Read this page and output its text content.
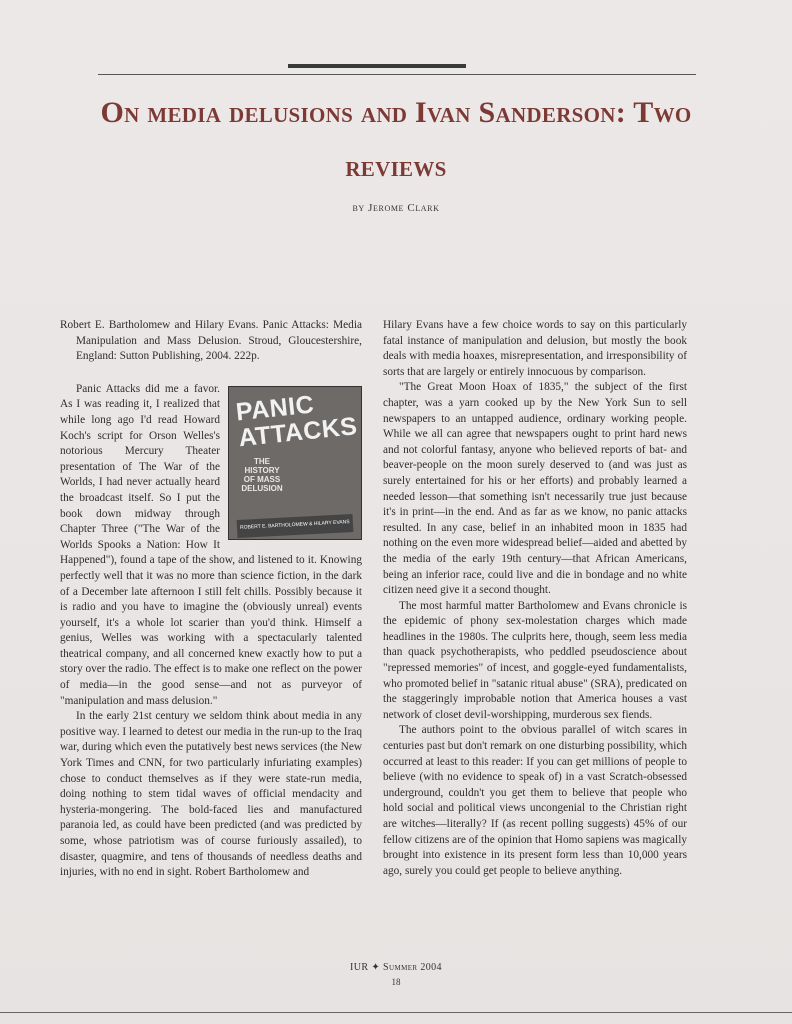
On media delusions and Ivan Sanderson: Two reviews
by Jerome Clark

Robert E. Bartholomew and Hilary Evans. Panic Attacks: Media Manipulation and Mass Delusion. Stroud, Gloucestershire, England: Sutton Publishing, 2004. 222p.

PANIC ATTACKS
THE HISTORY OF MASS DELUSION
ROBERT E. BARTHOLOMEW & HILARY EVANS

Panic Attacks did me a favor. As I was reading it, I realized that while long ago I'd read Howard Koch's script for Orson Welles's notorious Mercury Theater presentation of The War of the Worlds, I had never actually heard the broadcast itself. So I put the book down midway through Chapter Three ("The War of the Worlds Spooks a Nation: How It Happened"), found a tape of the show, and listened to it. Knowing perfectly well that it was no more than science fiction, in the dark of a December late afternoon I still felt chills. Possibly because it is radio and you have to imagine the (obviously unreal) events yourself, it's a whole lot scarier than you'd think. Himself a genius, Welles was working with a spectacularly talented theatrical company, and all concerned knew exactly how to put a story over the radio. The effect is to make one reflect on the power of media—in the good sense—and not as purveyor of "manipulation and mass delusion."

In the early 21st century we seldom think about media in any positive way. I learned to detest our media in the run-up to the Iraq war, during which even the putatively best news services (the New York Times and CNN, for two particularly infuriating examples) chose to conduct themselves as if they were state-run media, doing nothing to stem tidal waves of official mendacity and hysteria-mongering. The bold-faced lies and manufactured paranoia led, as could have been predicted (and was predicted by some, whose patriotism was of course furiously assailed), to disaster, quagmire, and tens of thousands of needless deaths and injuries, with no end in sight. Robert Bartholomew and

Hilary Evans have a few choice words to say on this particularly fatal instance of manipulation and delusion, but mostly the book deals with media hoaxes, misrepresentation, and irresponsibility of sorts that are largely or entirely innocuous by comparison.

"The Great Moon Hoax of 1835," the subject of the first chapter, was a yarn cooked up by the New York Sun to sell newspapers to an untapped audience, ordinary working people. While we all can agree that newspapers ought to print hard news and not colorful fantasy, anyone who believed reports of bat- and beaver-people on the moon surely deserved to (and was just as surely entertained for his or her efforts) and probably learned a needed lesson—that something isn't necessarily true just because it's in print—in the end. And as far as we know, no panic attacks resulted. In any case, belief in an inhabited moon in 1835 had nothing on the even more widespread belief—aided and abetted by the media of the early 19th century—that African Americans, being an inferior race, could live and die in bondage and no white citizen need give it a second thought.

The most harmful matter Bartholomew and Evans chronicle is the epidemic of phony sex-molestation charges which made headlines in the 1980s. The culprits here, though, seem less media than quack psychotherapists, who peddled pseudoscience about "repressed memories" of incest, and goggle-eyed fundamentalists, who promoted belief in "satanic ritual abuse" (SRA), predicated on the staggeringly improbable notion that America houses a vast network of closet devil-worshipping, murderous sex fiends.

The authors point to the obvious parallel of witch scares in centuries past but don't remark on one disturbing possibility, which occurred at least to this reader: If you can get millions of people to believe (with no evidence to speak of) in a vast Scratch-obsessed underground, couldn't you get them to believe that people who hold social and political views uncongenial to the Christian right are witches—literally? If (as recent polling suggests) 45% of our fellow citizens are of the opinion that Homo sapiens was magically brought into existence in its present form less than 10,000 years ago, surely you could get people to believe anything.

IUR ✦ Summer 2004
18
